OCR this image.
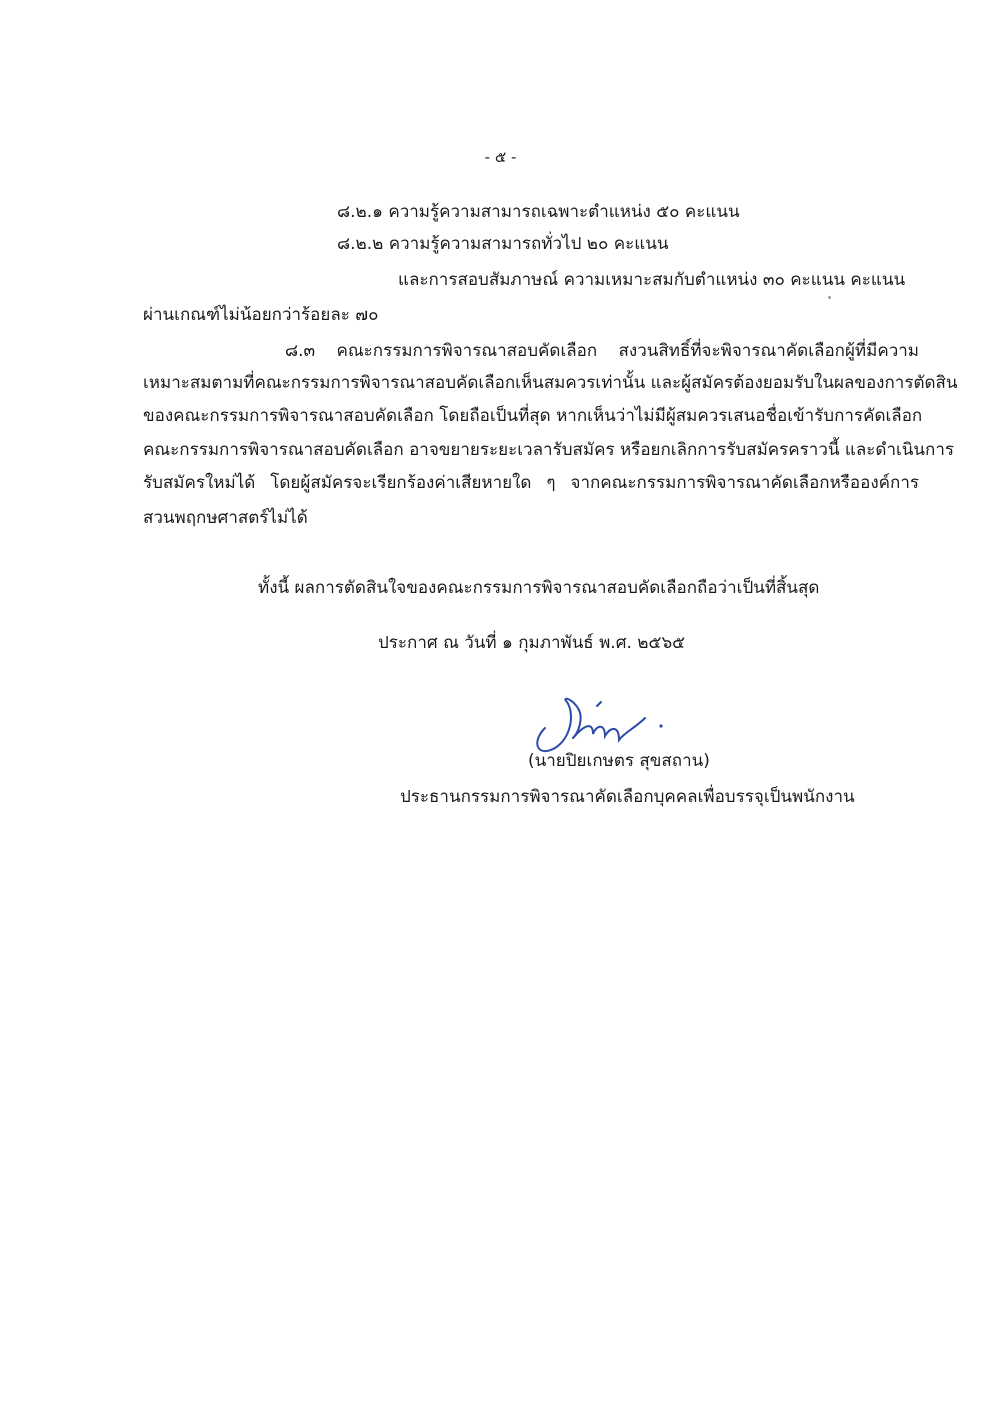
- ๕ -
๘.๒.๑ ความรู้ความสามารถเฉพาะตำแหน่ง ๕๐ คะแนน
๘.๒.๒ ความรู้ความสามารถทั่วไป ๒๐ คะแนน
และการสอบสัมภาษณ์ ความเหมาะสมกับตำแหน่ง ๓๐ คะแนน คะแนน
ผ่านเกณฑ์ไม่น้อยกว่าร้อยละ ๗๐
๘.๓ คณะกรรมการพิจารณาสอบคัดเลือก สงวนสิทธิ์ที่จะพิจารณาคัดเลือกผู้ที่มีความ
เหมาะสมตามที่คณะกรรมการพิจารณาสอบคัดเลือกเห็นสมควรเท่านั้น และผู้สมัครต้องยอมรับในผลของการตัดสิน
ของคณะกรรมการพิจารณาสอบคัดเลือก โดยถือเป็นที่สุด หากเห็นว่าไม่มีผู้สมควรเสนอชื่อเข้ารับการคัดเลือก
คณะกรรมการพิจารณาสอบคัดเลือก อาจขยายระยะเวลารับสมัคร หรือยกเลิกการรับสมัครคราวนี้ และดำเนินการ
รับสมัครใหม่ได้ โดยผู้สมัครจะเรียกร้องค่าเสียหายใด ๆ จากคณะกรรมการพิจารณาคัดเลือกหรือองค์การ
สวนพฤกษศาสตร์ไม่ได้
ทั้งนี้ ผลการตัดสินใจของคณะกรรมการพิจารณาสอบคัดเลือกถือว่าเป็นที่สิ้นสุด
ประกาศ ณ วันที่ ๑ กุมภาพันธ์ พ.ศ. ๒๕๖๕
(นายปิยเกษตร สุขสถาน)
ประธานกรรมการพิจารณาคัดเลือกบุคคลเพื่อบรรจุเป็นพนักงาน
